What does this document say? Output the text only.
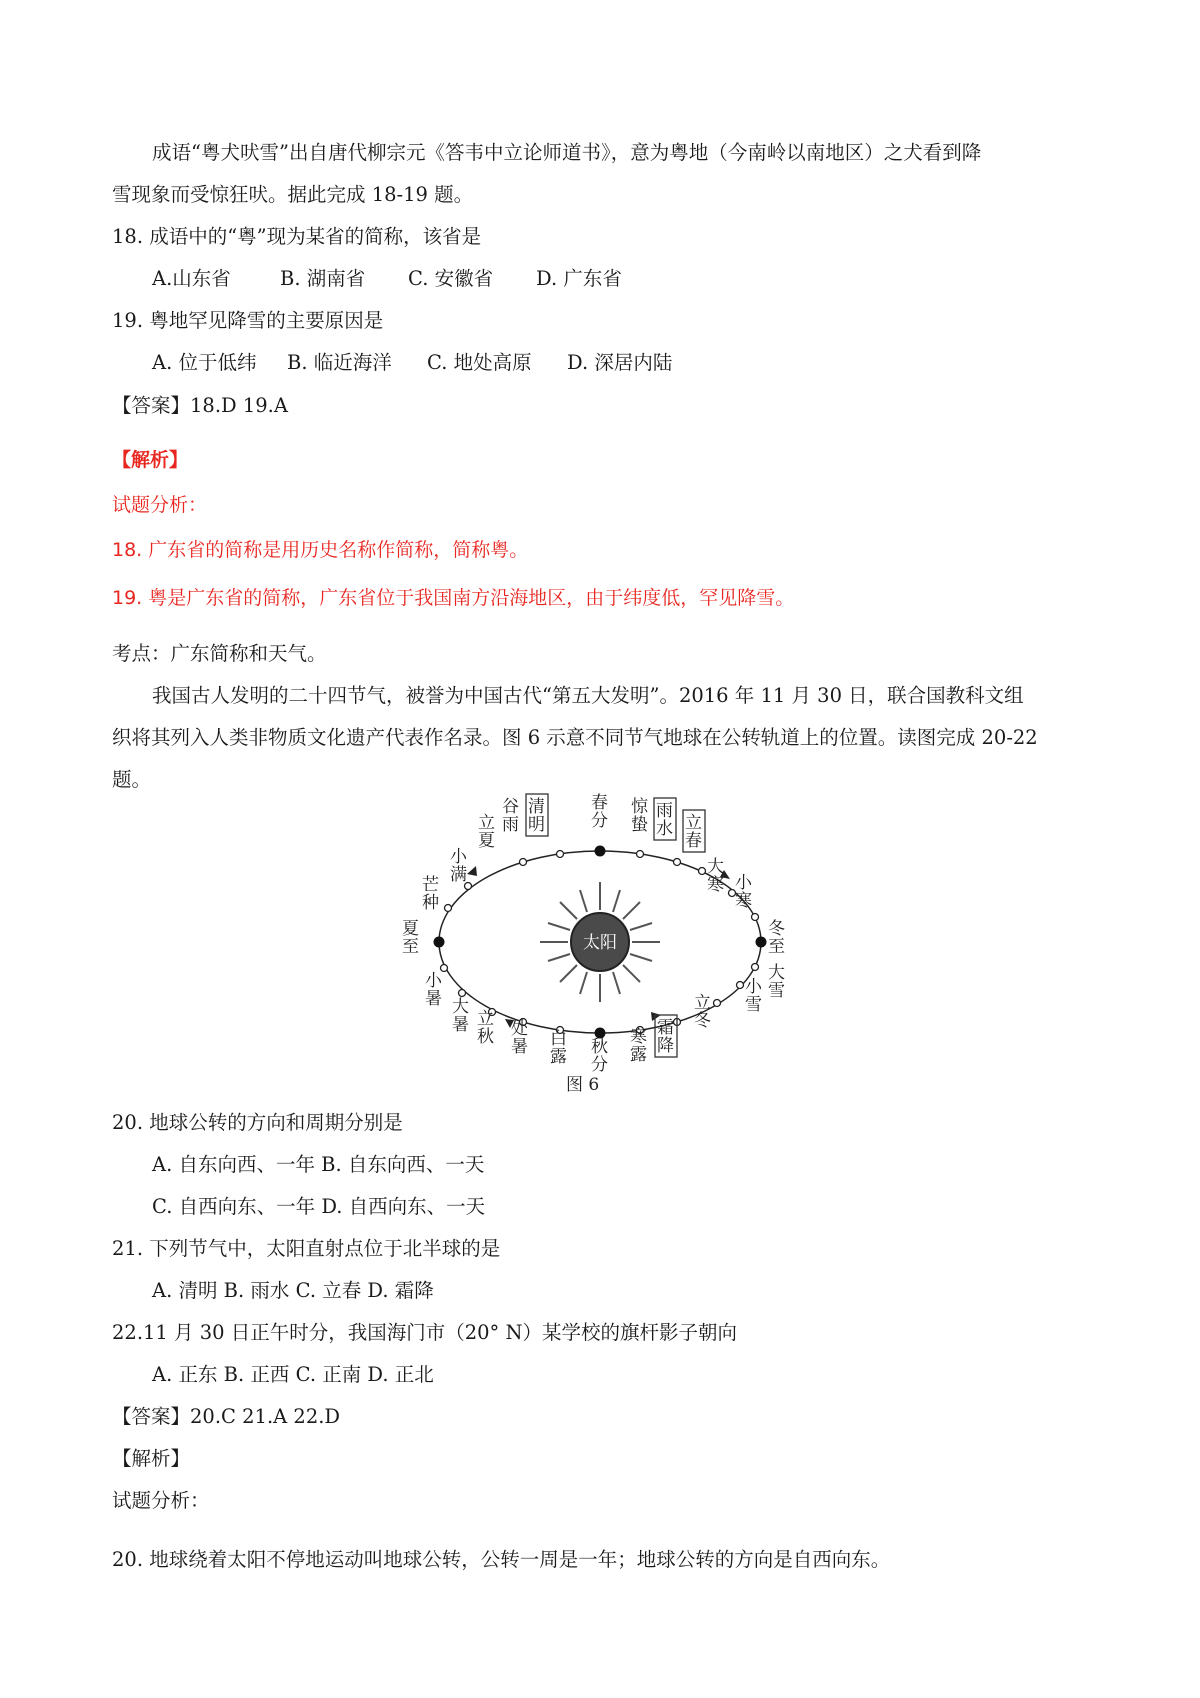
成语“粤犬吠雪”出自唐代柳宗元《答韦中立论师道书》，意为粤地（今南岭以南地区）之犬看到降
雪现象而受惊狂吠。据此完成 18-19 题。
18. 成语中的“粤”现为某省的简称，该省是
A.山东省	B. 湖南省 C. 安徽省 D. 广东省
19. 粤地罕见降雪的主要原因是
A. 位于低纬 B. 临近海洋 C. 地处高原 D. 深居内陆
【答案】18.D 19.A
【解析】
试题分析：
18. 广东省的简称是用历史名称作简称，简称粤。
19. 粤是广东省的简称，广东省位于我国南方沿海地区，由于纬度低，罕见降雪。
考点：广东简称和天气。
我国古人发明的二十四节气，被誉为中国古代“第五大发明”。2016 年 11 月 30 日，联合国教科文组
织将其列入人类非物质文化遗产代表作名录。图 6 示意不同节气地球在公转轨道上的位置。读图完成 20-22
题。
太阳
立
夏
谷
雨
清
明
春
分
惊
蛰
雨
水 立
春
大
寒 小
寒
冬
至
大
雪
小
雪
立
冬
霜
降
寒
露
秋
分
白
露
处
暑
立
秋
大
暑
小
暑
夏
至
芒
种
小
满
图 6
20. 地球公转的方向和周期分别是
A. 自东向西、一年 B. 自东向西、一天
C. 自西向东、一年 D. 自西向东、一天
21. 下列节气中，太阳直射点位于北半球的是
A. 清明 B. 雨水 C. 立春 D. 霜降
22.11 月 30 日正午时分，我国海门市（20° N）某学校的旗杆影子朝向
A. 正东 B. 正西 C. 正南 D. 正北
【答案】20.C 21.A 22.D
【解析】
试题分析：
20. 地球绕着太阳不停地运动叫地球公转，公转一周是一年；地球公转的方向是自西向东。
